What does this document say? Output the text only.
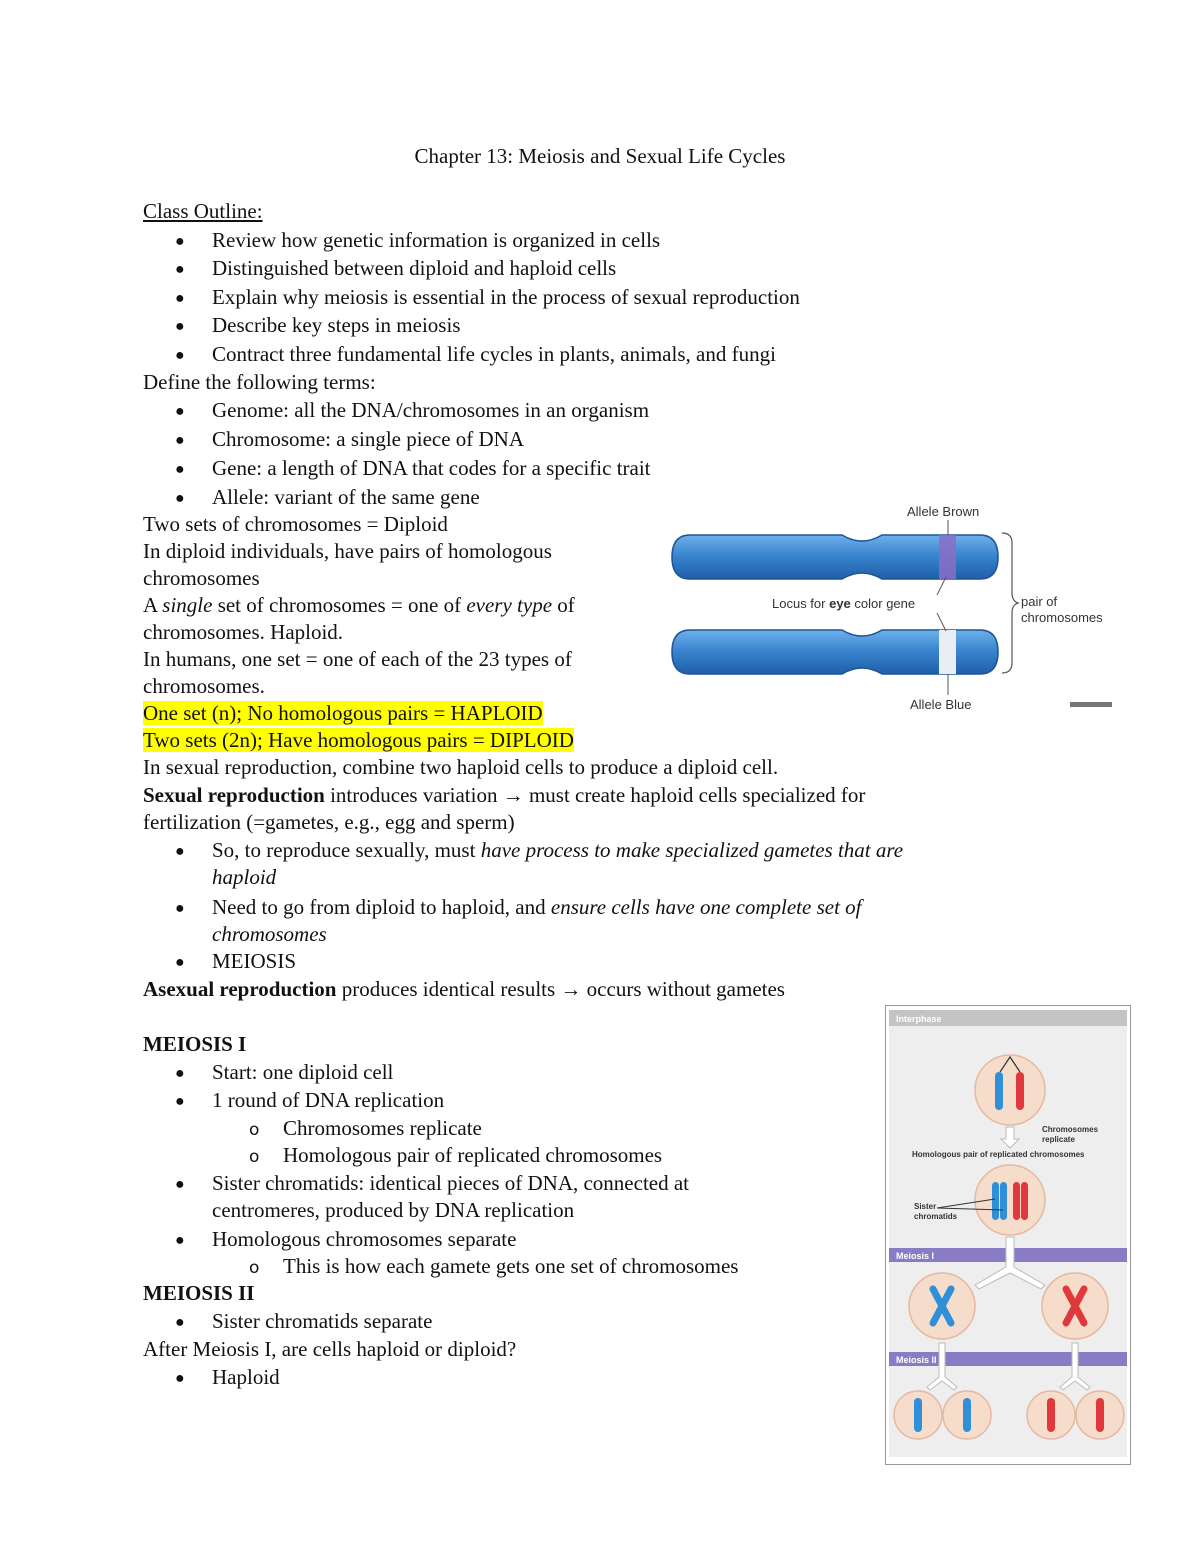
Chapter 13: Meiosis and Sexual Life Cycles
Class Outline:
● Review how genetic information is organized in cells
● Distinguished between diploid and haploid cells
● Explain why meiosis is essential in the process of sexual reproduction
● Describe key steps in meiosis
● Contract three fundamental life cycles in plants, animals, and fungi
Define the following terms:
● Genome: all the DNA/chromosomes in an organism
● Chromosome: a single piece of DNA
● Gene: a length of DNA that codes for a specific trait
● Allele: variant of the same gene
Two sets of chromosomes = Diploid
In diploid individuals, have pairs of homologous
chromosomes
A single set of chromosomes = one of every type of
chromosomes. Haploid.
In humans, one set = one of each of the 23 types of
chromosomes.
One set (n); No homologous pairs = HAPLOID
Two sets (2n); Have homologous pairs = DIPLOID
In sexual reproduction, combine two haploid cells to produce a diploid cell.
Sexual reproduction introduces variation → must create haploid cells specialized for
fertilization (=gametes, e.g., egg and sperm)
● So, to reproduce sexually, must have process to make specialized gametes that are
haploid
● Need to go from diploid to haploid, and ensure cells have one complete set of
chromosomes
● MEIOSIS
Asexual reproduction produces identical results → occurs without gametes
MEIOSIS I
● Start: one diploid cell
● 1 round of DNA replication
o Chromosomes replicate
o Homologous pair of replicated chromosomes
● Sister chromatids: identical pieces of DNA, connected at
centromeres, produced by DNA replication
● Homologous chromosomes separate
o This is how each gamete gets one set of chromosomes
MEIOSIS II
● Sister chromatids separate
After Meiosis I, are cells haploid or diploid?
● Haploid
Allele Brown
Locus for eye color gene
Allele Blue
pair of
chromosomes
Interphase
Chromosomes
replicate
Homologous pair of replicated chromosomes
Sister
chromatids
Meiosis I
Meiosis II
